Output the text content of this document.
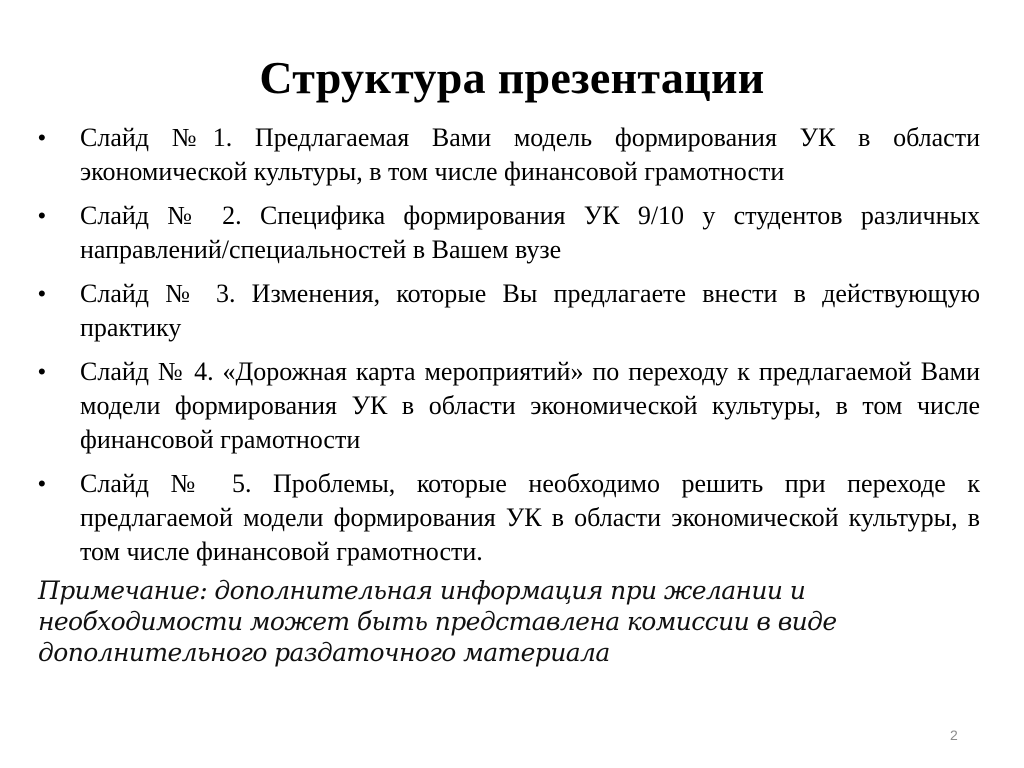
Структура презентации
•	Слайд №1. Предлагаемая Вами модель формирования УК в области экономической культуры, в том числе финансовой грамотности
•	Слайд № 2. Специфика формирования УК 9/10 у студентов различных направлений/специальностей в Вашем вузе
•	Слайд № 3. Изменения, которые Вы предлагаете внести в действующую практику
•	Слайд № 4. «Дорожная карта мероприятий» по переходу к предлагаемой Вами модели формирования УК в области экономической культуры, в том числе финансовой грамотности
•	Слайд № 5. Проблемы, которые необходимо решить при переходе к предлагаемой модели формирования УК в области экономической культуры, в том числе финансовой грамотности.
Примечание: дополнительная информация при желании и необходимости может быть представлена комиссии в виде дополнительного раздаточного материала
2
